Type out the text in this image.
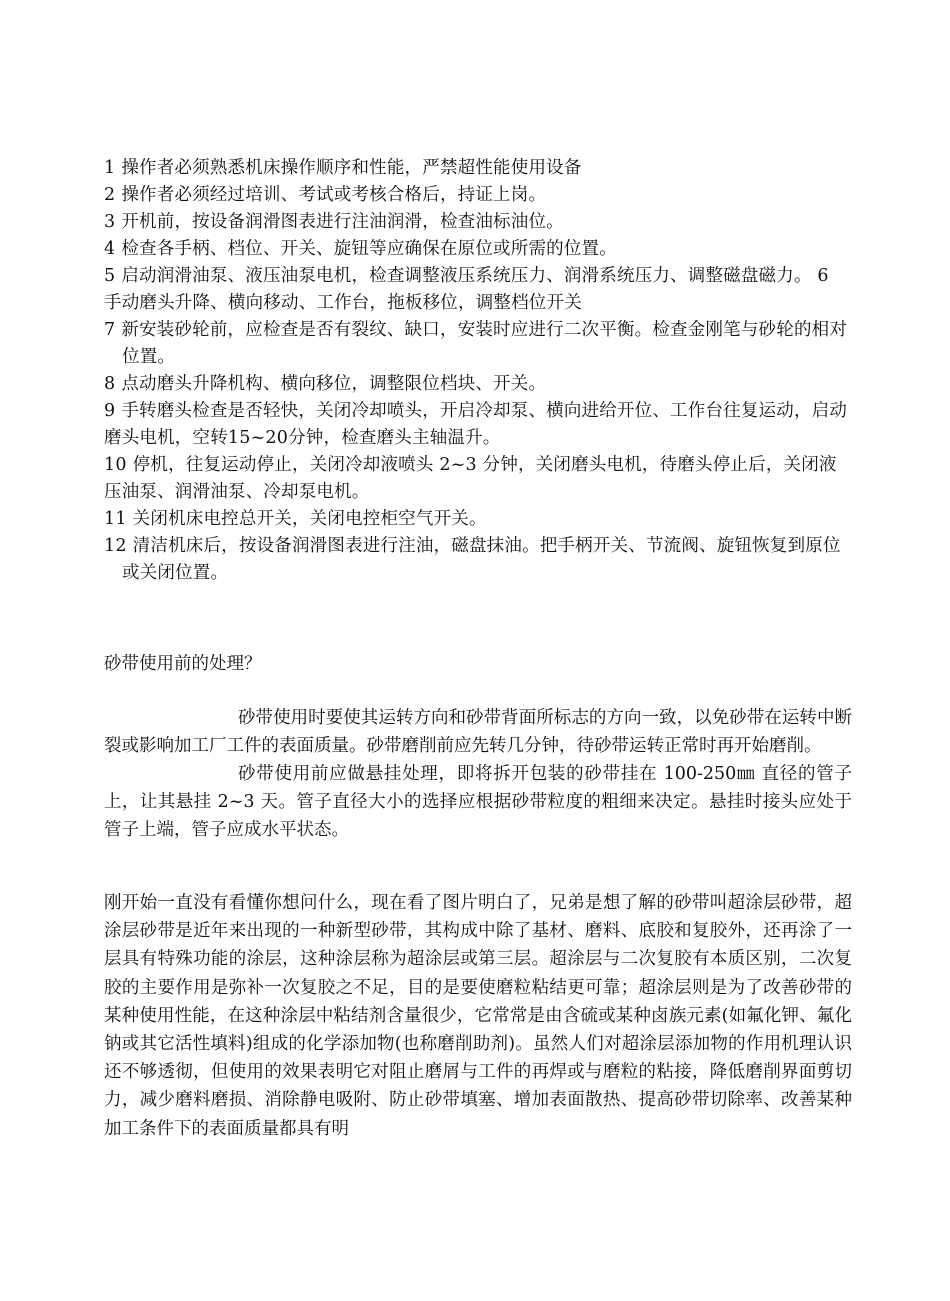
1 操作者必须熟悉机床操作顺序和性能，严禁超性能使用设备

2 操作者必须经过培训、考试或考核合格后，持证上岗。

3 开机前，按设备润滑图表进行注油润滑，检查油标油位。

4 检查各手柄、档位、开关、旋钮等应确保在原位或所需的位置。

5 启动润滑油泵、液压油泵电机，检查调整液压系统压力、润滑系统压力、调整磁盘磁力。 6 手动磨头升降、横向移动、工作台，拖板移位，调整档位开关

7 新安装砂轮前，应检查是否有裂纹、缺口，安装时应进行二次平衡。检查金刚笔与砂轮的相对位置。

8 点动磨头升降机构、横向移位，调整限位档块、开关。

9 手转磨头检查是否轻快，关闭冷却喷头，开启冷却泵、横向进给开位、工作台往复运动，启动磨头电机，空转15~20分钟，检查磨头主轴温升。

10 停机，往复运动停止，关闭冷却液喷头 2~3 分钟，关闭磨头电机，待磨头停止后，关闭液压油泵、润滑油泵、冷却泵电机。

11 关闭机床电控总开关，关闭电控柜空气开关。

12 清洁机床后，按设备润滑图表进行注油，磁盘抹油。把手柄开关、节流阀、旋钮恢复到原位或关闭位置。

砂带使用前的处理？

砂带使用时要使其运转方向和砂带背面所标志的方向一致，以免砂带在运转中断裂或影响加工厂工件的表面质量。砂带磨削前应先转几分钟，待砂带运转正常时再开始磨削。

砂带使用前应做悬挂处理，即将拆开包装的砂带挂在 100-250㎜ 直径的管子上，让其悬挂 2~3 天。管子直径大小的选择应根据砂带粒度的粗细来决定。悬挂时接头应处于管子上端，管子应成水平状态。

刚开始一直没有看懂你想问什么，现在看了图片明白了，兄弟是想了解的砂带叫超涂层砂带，超涂层砂带是近年来出现的一种新型砂带，其构成中除了基材、磨料、底胶和复胶外，还再涂了一层具有特殊功能的涂层，这种涂层称为超涂层或第三层。超涂层与二次复胶有本质区别，二次复胶的主要作用是弥补一次复胶之不足，目的是要使磨粒粘结更可靠；超涂层则是为了改善砂带的某种使用性能，在这种涂层中粘结剂含量很少，它常常是由含硫或某种卤族元素(如氟化钾、氟化钠或其它活性填料)组成的化学添加物(也称磨削助剂)。虽然人们对超涂层添加物的作用机理认识还不够透彻，但使用的效果表明它对阻止磨屑与工件的再焊或与磨粒的粘接，降低磨削界面剪切力，减少磨料磨损、消除静电吸附、防止砂带填塞、增加表面散热、提高砂带切除率、改善某种加工条件下的表面质量都具有明
